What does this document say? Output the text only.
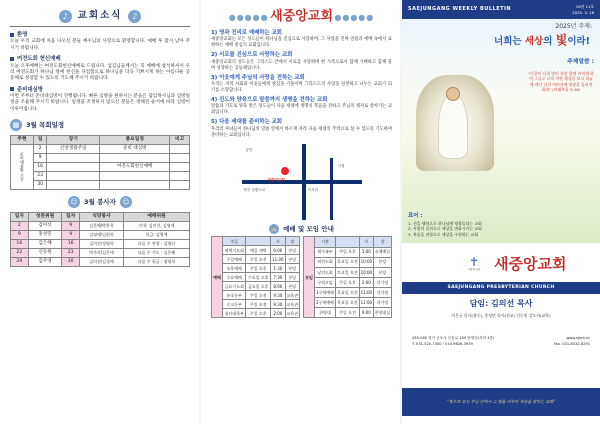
♪	교회소식	♪
환영
오늘 우리 교회에 처음 나오신 분들 예수님의 사랑으로 환영합니다. 예배 후 잠시 남아 주시기 바랍니다.
여전도회 헌신예배
오늘 오후예배는 여전도회헌신예배로 드립니다. 섬김님들께서는 꼭 예배에 참석하셔서 우리 여전도회가 하나님 앞에 헌신을 다짐함으로 하나님을 더욱 기쁘시게 하는 아름다운 공동체로 성장할 수 있도록 기도해 주시기 바랍니다.
준비대심방
이번 주부터 준비대심방이 진행됩니다. 빠른 심방을 원하시는 분들은 담임목사님과 심방일정을 조율해 주시기 바랍니다. 일정을 조정하지 않으신 분들은 정해진 순서에 따라 심방이 이루어집니다.
▦	3월 목회일정
주현	일	장기	종요일정	비고
준비대심방 기간	2	신앙생활주일	준비 대심방	
	9			
	16		여전도회헌신예배	
	23			
	30			
☺ 3월 봉사자 ☺
일자	성찬위원	일자	식당봉사	예배위원
2	김미선	9	김은혜/박찬옥	안내: 김미선, 김영애
9	홍성민	9	김영애/김현희	헌금: 김영애
16	김은혜	16	김미선/정영희	다음 주 찬양 : 김영선
22	신동원	23	박주희/김은애	다음 주 기도 : 김은혜
29	김주영	30	김미선/김경애	다음 주 헌금 : 정영희
●●●●● 새중앙교회 ●●●●●
1) 영과 진리로 예배하는 교회
새중앙교회는 모든 성도들이 하나님을 진심으로 사랑하며, 그 사랑을 진짜 말씀과 예배 속에서 표현하는 예배 중심의 교회입니다.
2) 서로를 진심으로 사랑하는 교회
새중앙교회의 성도들은 그리스도 안에서 서로를 사랑하며 한 가족으로서 함께 기뻐하고 함께 울며 성장하는 공동체입니다.
3) 이웃에게 주님의 사랑을 전하는 교회
우리는 지역 사회와 이웃들에게 관심을 기울이며 그리스도의 사랑을 실천하고 나누는 교회가 되기를 소망합니다.
4) 진도와 양육으로 말씀까지 생명을 전하는 교회
말씀과 기도로 양육 받은 성도들이 다음 세대에 생명의 복음을 전하고 주님의 제자로 살아가는 교회입니다.
5) 다음 세대를 준비하는 교회
우리의 자녀들이 하나님의 말씀 안에서 바르게 자라 다음 세대의 주역으로 설 수 있도록 기도하며 준비하는 교회입니다.
새중앙교회
공단
시청
북부 순환도로	사거리
⛪ 예배 및 모임 안내
예배	주일		시	장
	새벽기도회	매일 새벽	6:00	본당
	주일예배	주일 오전	11:00	본당
	오후예배	주일 오후	1:30	본당
	수요예배	수요일 오후	7:30	본당
	금요기도회	금요일 오후	8:00	본당
	유초등부	주일 오전	9:30	교육관
	중고등부	주일 오전	9:30	교육관
	청년대학부	주일 오후	2:00	교육관
모임	기관		시	장
	새가족부	주일 오후	1:00	소예배실
	여전도회	목요일 오전	10:00	본당
	남전도회	토요일 오전	10:00	본당
	구역모임	주일 오후	2:00	각가정
	1구역예배	목요일 오전	11:00	각가정
	2구역예배	목요일 오전	11:00	각가정
	찬양대	주일 오전	9:00	찬양대실
SAEJUNGANG WEEKLY BULLETIN	16권 11호
2025. 3. 16
2025년 주제:
너희는 세상의 빛이라!
주제말씀 :
"이같이 너희 빛이 사람 앞에 비치게 하여 그들로 너희 착한 행실을 보고 하늘에 계신 너희 아버지께 영광을 돌리게 하라" (마태복음 5:16)
표어 :
1. 선을 행함으로 하나님께 영광돌리는 교회
2. 사랑의 실천으로 세상을 변화시키는 교회
3. 복음을 전함으로 세상을 구원하는 교회
✝
새중앙교회 새중앙교회
SAEJUNGANG PRESBYTERIAN CHURCH
담임: 김의선 목사
이은규 목사(협동), 홍성민 목사(선교) 신동원 강도사(교육)
435-060 경기 군포시 산본로 159 탑빌딩(지하 3층)	www.sjech.kr
T. 031-520-7300 / 010-9626-3939	Fax. 031-8032-8291
"빛으로 오신 주님 안에서 그 빛을 비추며 세상을 밝히는 교회"
